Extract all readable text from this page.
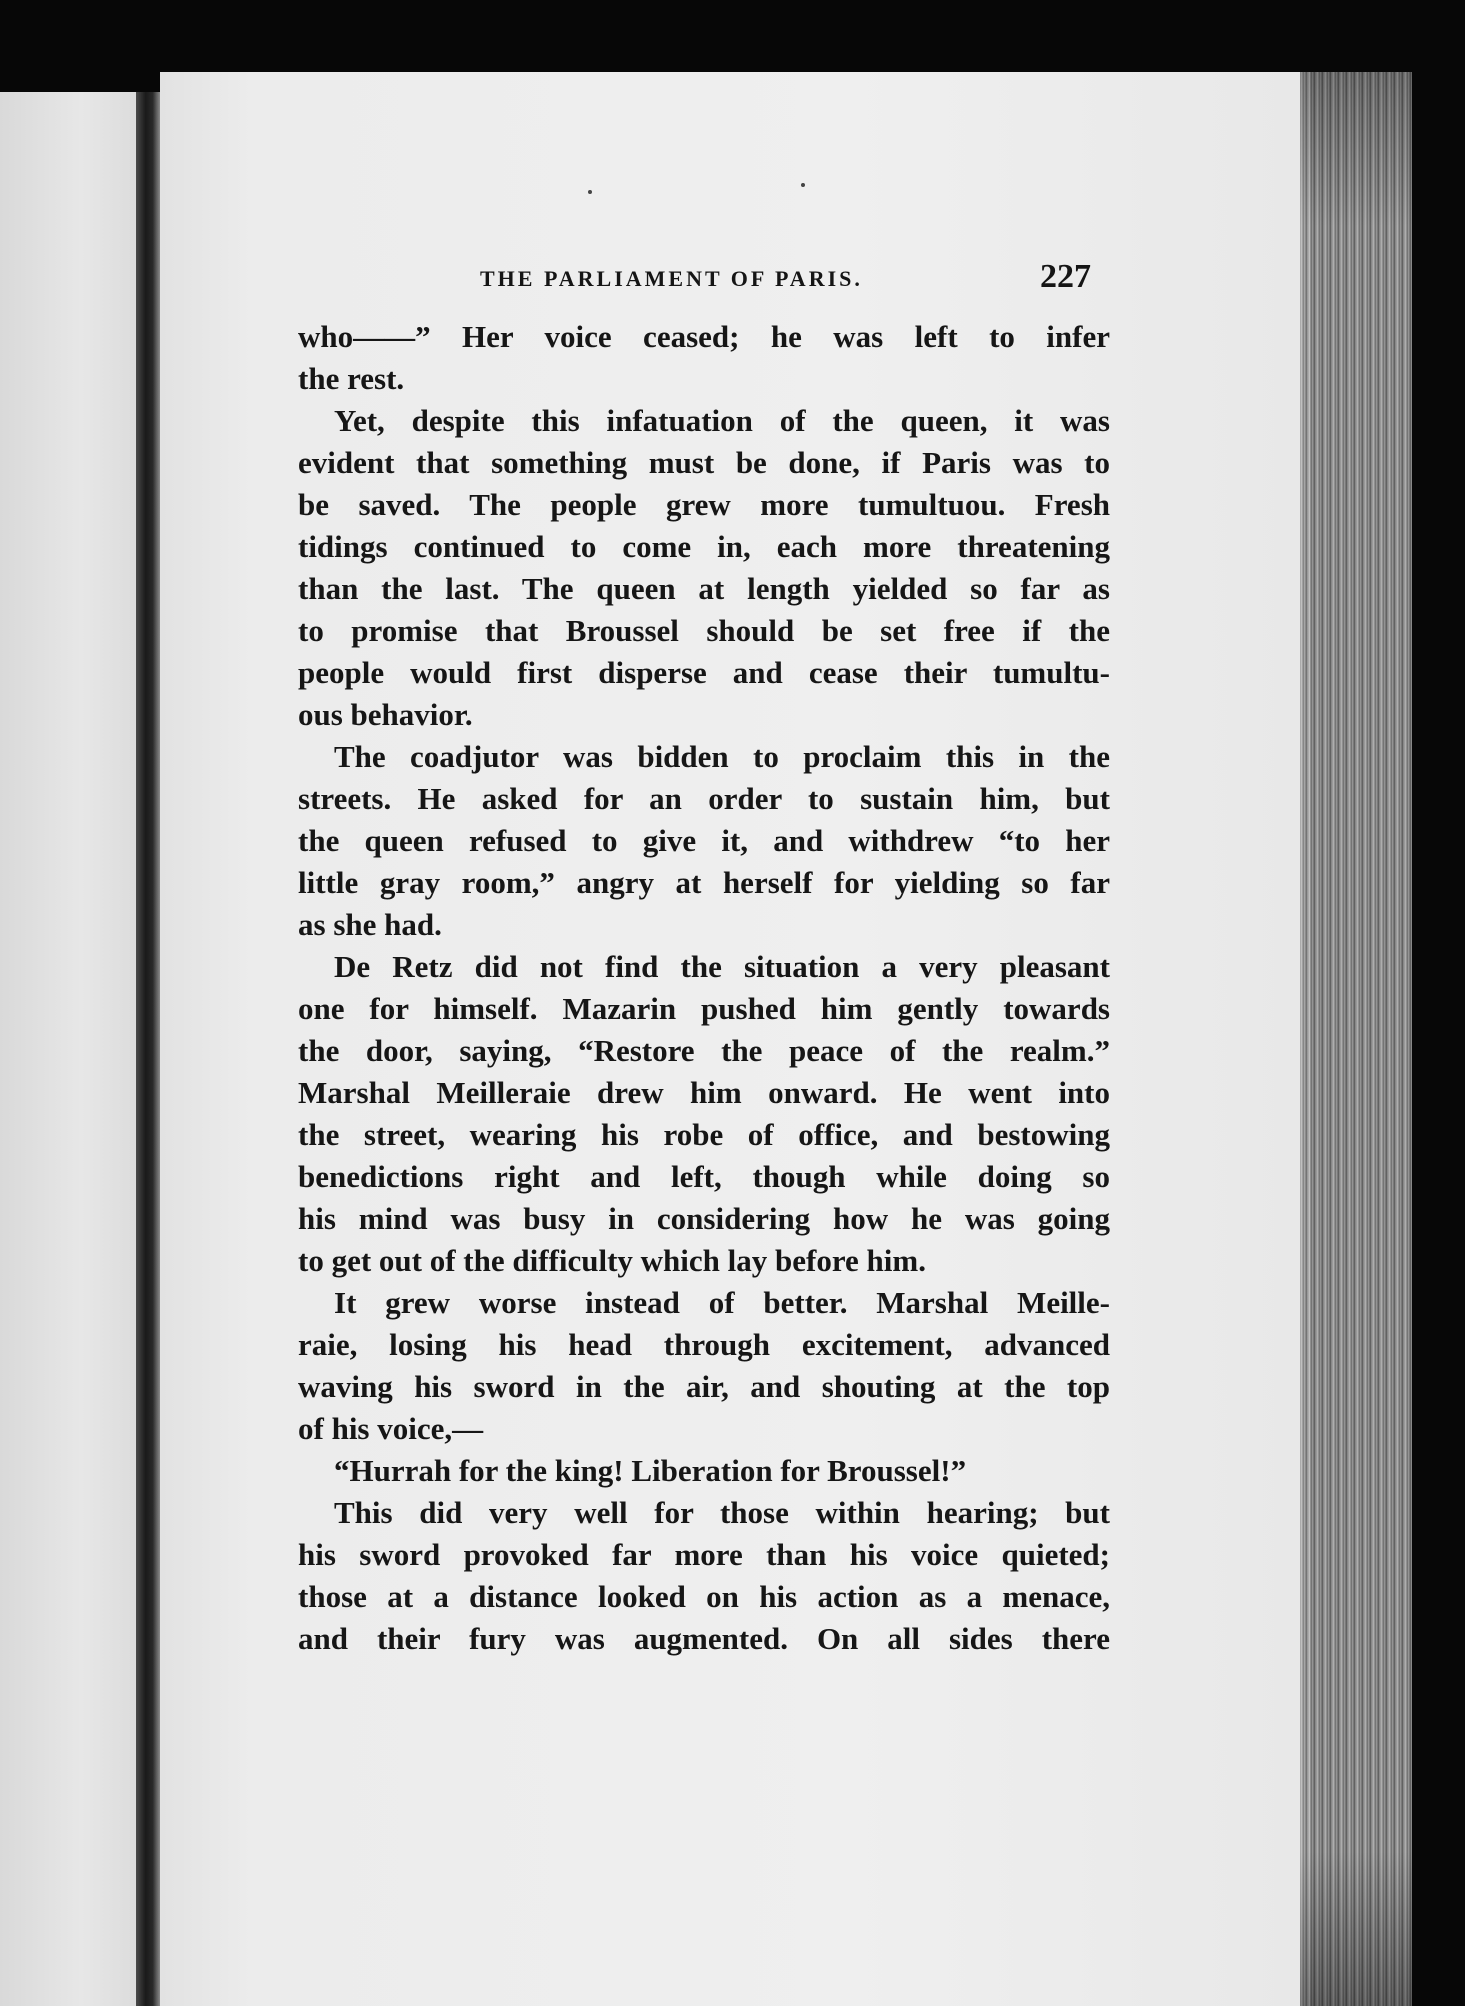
THE PARLIAMENT OF PARIS.	227
who——” Her voice ceased; he was left to infer
the rest.
Yet, despite this infatuation of the queen, it was
evident that something must be done, if Paris was to
be saved. The people grew more tumultuou. Fresh
tidings continued to come in, each more threatening
than the last. The queen at length yielded so far as
to promise that Broussel should be set free if the
people would first disperse and cease their tumultu-
ous behavior.
The coadjutor was bidden to proclaim this in the
streets. He asked for an order to sustain him, but
the queen refused to give it, and withdrew “to her
little gray room,” angry at herself for yielding so far
as she had.
De Retz did not find the situation a very pleasant
one for himself. Mazarin pushed him gently towards
the door, saying, “Restore the peace of the realm.”
Marshal Meilleraie drew him onward. He went into
the street, wearing his robe of office, and bestowing
benedictions right and left, though while doing so
his mind was busy in considering how he was going
to get out of the difficulty which lay before him.
It grew worse instead of better. Marshal Meille-
raie, losing his head through excitement, advanced
waving his sword in the air, and shouting at the top
of his voice,—
“Hurrah for the king! Liberation for Broussel!”
This did very well for those within hearing; but
his sword provoked far more than his voice quieted;
those at a distance looked on his action as a menace,
and their fury was augmented. On all sides there
